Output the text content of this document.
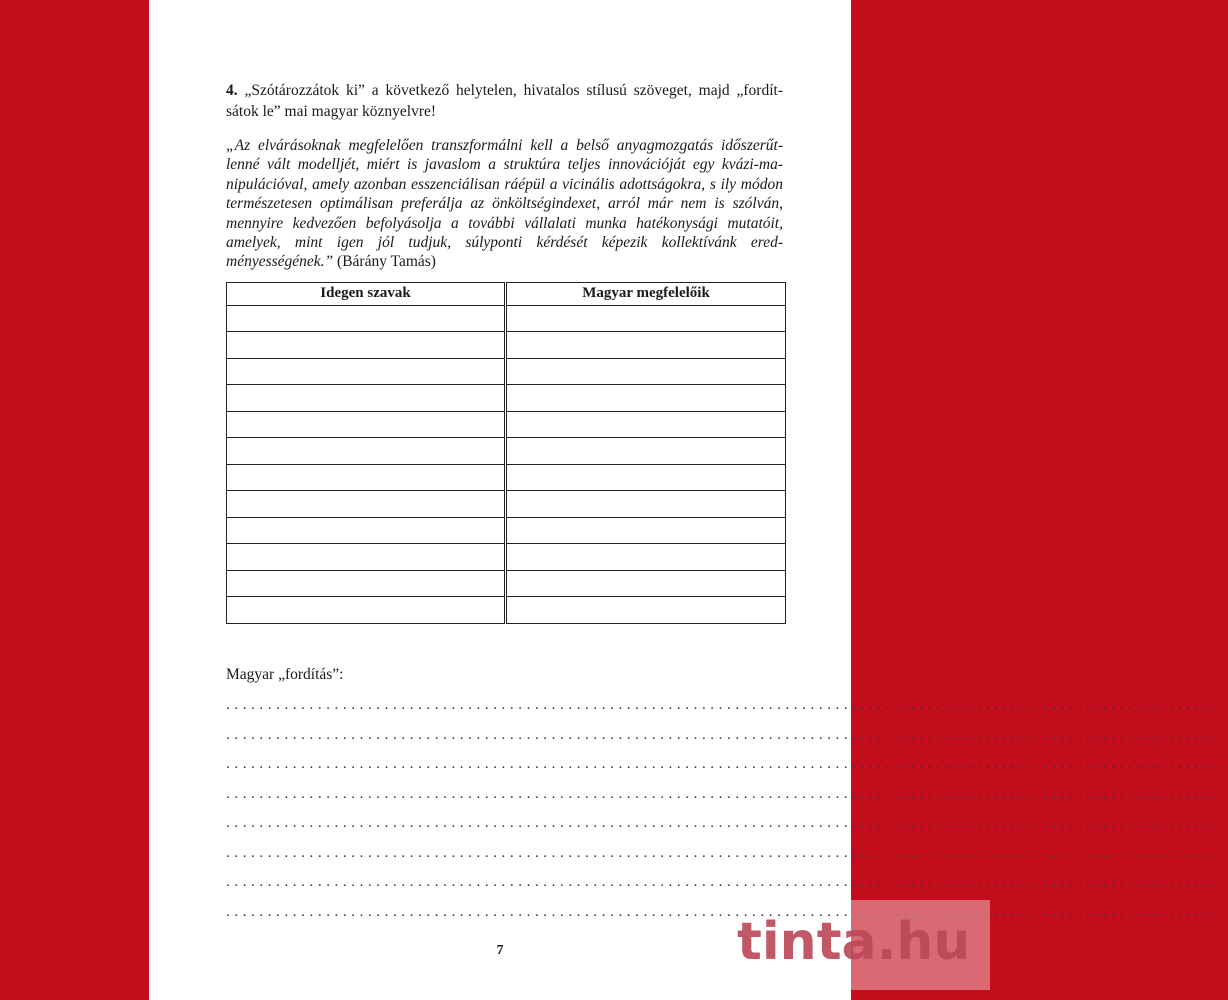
4. „Szótározzátok ki” a következő helytelen, hivatalos stílusú szöveget, majd „fordít-sátok le” mai magyar köznyelvre!

„Az elvárásoknak megfelelően transzformálni kell a belső anyagmozgatás időszerűt-lenné vált modelljét, miért is javaslom a struktúra teljes innovációját egy kvázi-ma-nipulációval, amely azonban esszenciálisan ráépül a vicinális adottságokra, s ily módon természetesen optimálisan preferálja az önköltségindexet, arról már nem is szólván, mennyire kedvezően befolyásolja a további vállalati munka hatékonysági mutatóit, amelyek, mint igen jól tudjuk, súlyponti kérdését képezik kollektívánk ered-ményességének.” (Bárány Tamás)

Idegen szavak		Magyar megfelelőik

Magyar „fordítás”:
........................................................................................................................
........................................................................................................................
........................................................................................................................
........................................................................................................................
........................................................................................................................
........................................................................................................................
........................................................................................................................
........................................................................................................................
7	tinta.hu
